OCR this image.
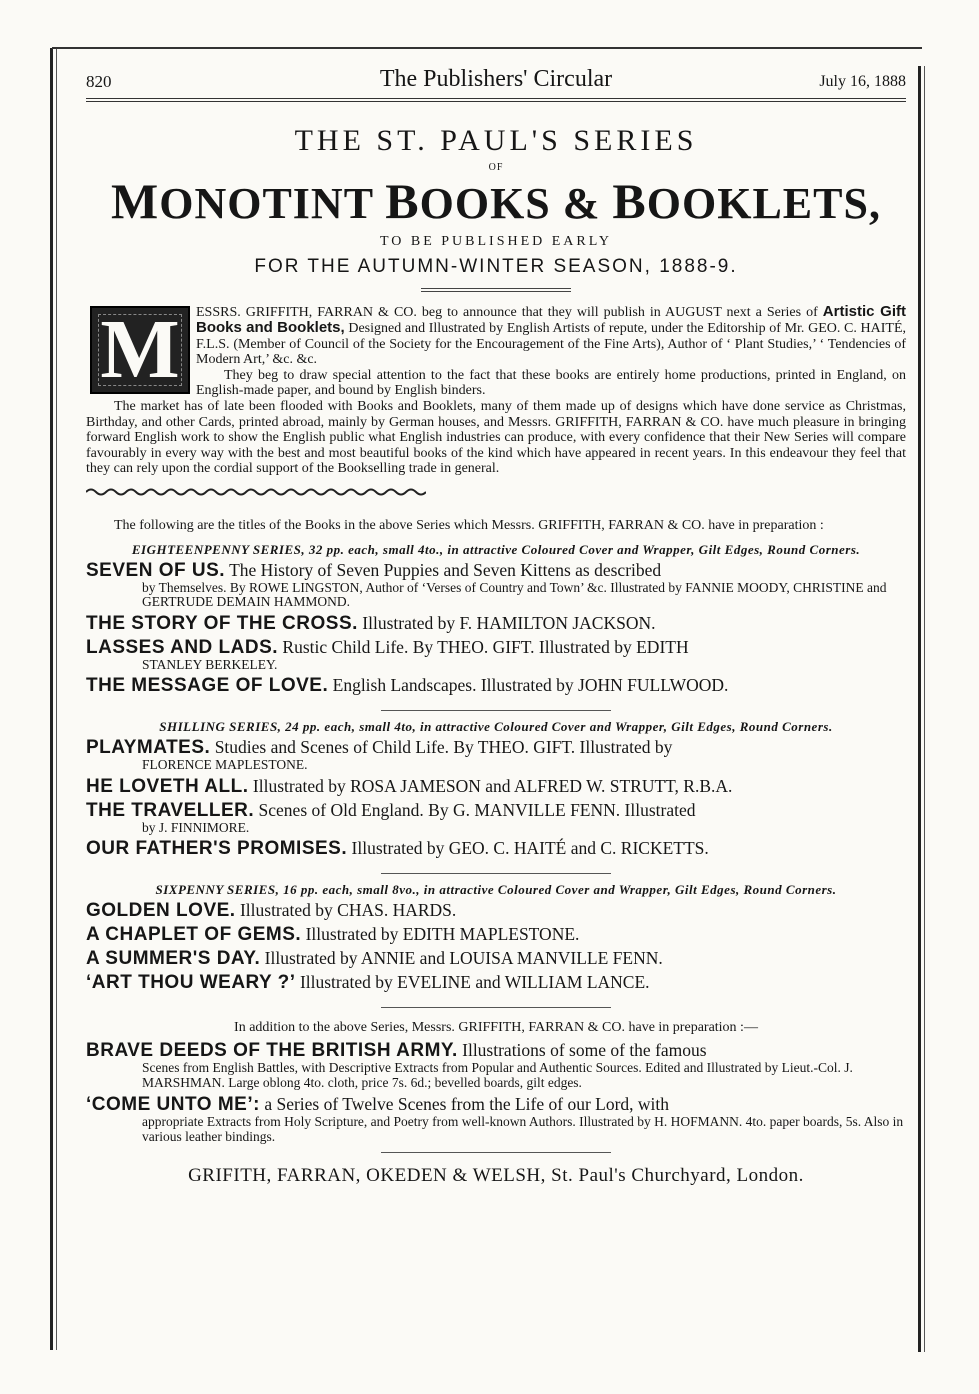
820	The Publishers' Circular	July 16, 1888
THE ST. PAUL'S SERIES
OF
MONOTINT BOOKS & BOOKLETS,
TO BE PUBLISHED EARLY
FOR THE AUTUMN-WINTER SEASON, 1888-9.
M	ESSRS. GRIFFITH, FARRAN & CO. beg to announce that they will publish in AUGUST next a Series of Artistic Gift Books and Booklets, Designed and Illustrated by English Artists of repute, under the Editorship of Mr. GEO. C. HAITÉ, F.L.S. (Member of Council of the Society for the Encouragement of the Fine Arts), Author of ‘ Plant Studies,’ ‘ Tendencies of Modern Art,’ &c. &c.

They beg to draw special attention to the fact that these books are entirely home productions, printed in England, on English-made paper, and bound by English binders.

The market has of late been flooded with Books and Booklets, many of them made up of designs which have done service as Christmas, Birthday, and other Cards, printed abroad, mainly by German houses, and Messrs. GRIFFITH, FARRAN & CO. have much pleasure in bringing forward English work to show the English public what English industries can produce, with every confidence that their New Series will compare favourably in every way with the best and most beautiful books of the kind which have appeared in recent years. In this endeavour they feel that they can rely upon the cordial support of the Bookselling trade in general.

The following are the titles of the Books in the above Series which Messrs. GRIFFITH, FARRAN & CO. have in preparation :
EIGHTEENPENNY SERIES, 32 pp. each, small 4to., in attractive Coloured Cover and Wrapper, Gilt Edges, Round Corners.
SEVEN OF US. The History of Seven Puppies and Seven Kittens as described
by Themselves. By ROWE LINGSTON, Author of ‘Verses of Country and Town’ &c. Illustrated by FANNIE MOODY, CHRISTINE and GERTRUDE DEMAIN HAMMOND.
THE STORY OF THE CROSS. Illustrated by F. HAMILTON JACKSON.
LASSES AND LADS. Rustic Child Life. By THEO. GIFT. Illustrated by EDITH
STANLEY BERKELEY.
THE MESSAGE OF LOVE. English Landscapes. Illustrated by JOHN FULLWOOD.
SHILLING SERIES, 24 pp. each, small 4to, in attractive Coloured Cover and Wrapper, Gilt Edges, Round Corners.
PLAYMATES. Studies and Scenes of Child Life. By THEO. GIFT. Illustrated by
FLORENCE MAPLESTONE.
HE LOVETH ALL. Illustrated by ROSA JAMESON and ALFRED W. STRUTT, R.B.A.
THE TRAVELLER. Scenes of Old England. By G. MANVILLE FENN. Illustrated
by J. FINNIMORE.
OUR FATHER'S PROMISES. Illustrated by GEO. C. HAITÉ and C. RICKETTS.
SIXPENNY SERIES, 16 pp. each, small 8vo., in attractive Coloured Cover and Wrapper, Gilt Edges, Round Corners.
GOLDEN LOVE. Illustrated by CHAS. HARDS.
A CHAPLET OF GEMS. Illustrated by EDITH MAPLESTONE.
A SUMMER'S DAY. Illustrated by ANNIE and LOUISA MANVILLE FENN.
‘ART THOU WEARY ?’ Illustrated by EVELINE and WILLIAM LANCE.
In addition to the above Series, Messrs. GRIFFITH, FARRAN & CO. have in preparation :—
BRAVE DEEDS OF THE BRITISH ARMY. Illustrations of some of the famous
Scenes from English Battles, with Descriptive Extracts from Popular and Authentic Sources. Edited and Illustrated by Lieut.-Col. J. MARSHMAN. Large oblong 4to. cloth, price 7s. 6d.; bevelled boards, gilt edges.
‘COME UNTO ME’: a Series of Twelve Scenes from the Life of our Lord, with
appropriate Extracts from Holy Scripture, and Poetry from well-known Authors. Illustrated by H. HOFMANN. 4to. paper boards, 5s. Also in various leather bindings.
GRIFITH, FARRAN, OKEDEN & WELSH, St. Paul's Churchyard, London.
